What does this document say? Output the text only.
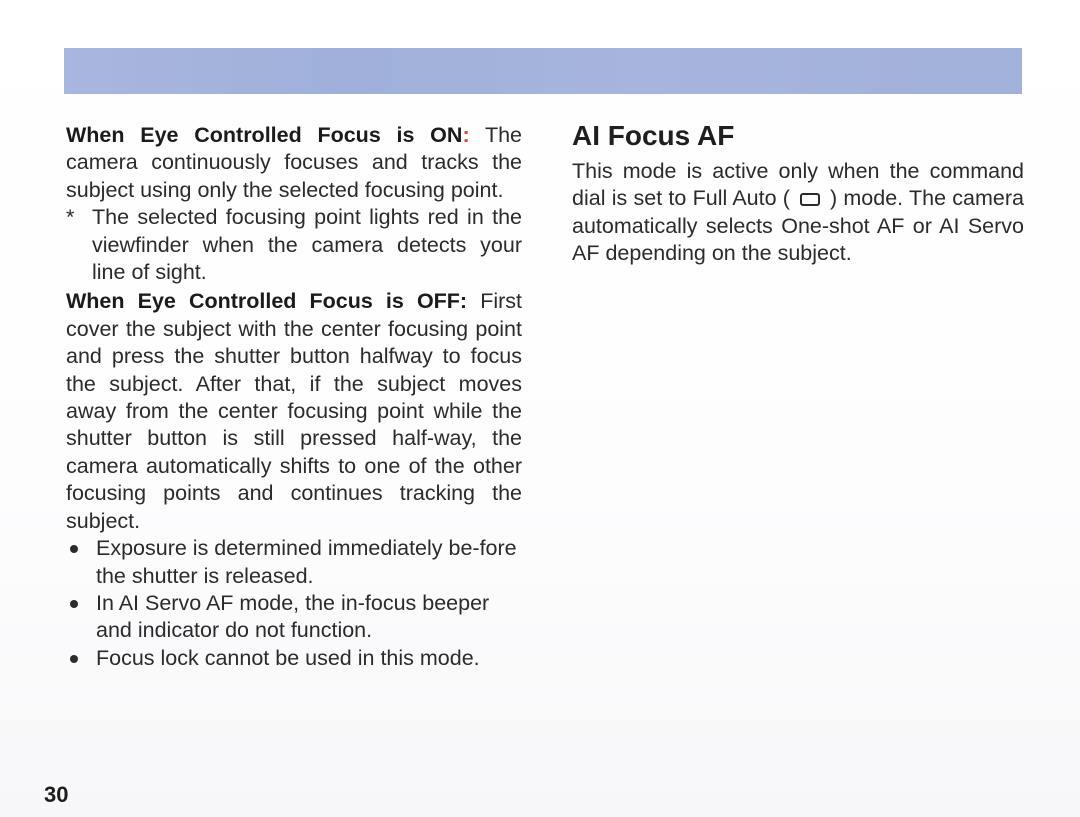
When Eye Controlled Focus is ON: The camera continuously focuses and tracks the subject using only the selected focusing point.

* The selected focusing point lights red in the viewfinder when the camera detects your line of sight.

When Eye Controlled Focus is OFF: First cover the subject with the center focusing point and press the shutter button halfway to focus the subject. After that, if the subject moves away from the center focusing point while the shutter button is still pressed half-way, the camera automatically shifts to one of the other focusing points and continues tracking the subject.

Exposure is determined immediately be-fore the shutter is released.
In AI Servo AF mode, the in-focus beeper and indicator do not function.
Focus lock cannot be used in this mode.
AI Focus AF

This mode is active only when the command dial is set to Full Auto ( ) mode. The camera automatically selects One-shot AF or AI Servo AF depending on the subject.

30
